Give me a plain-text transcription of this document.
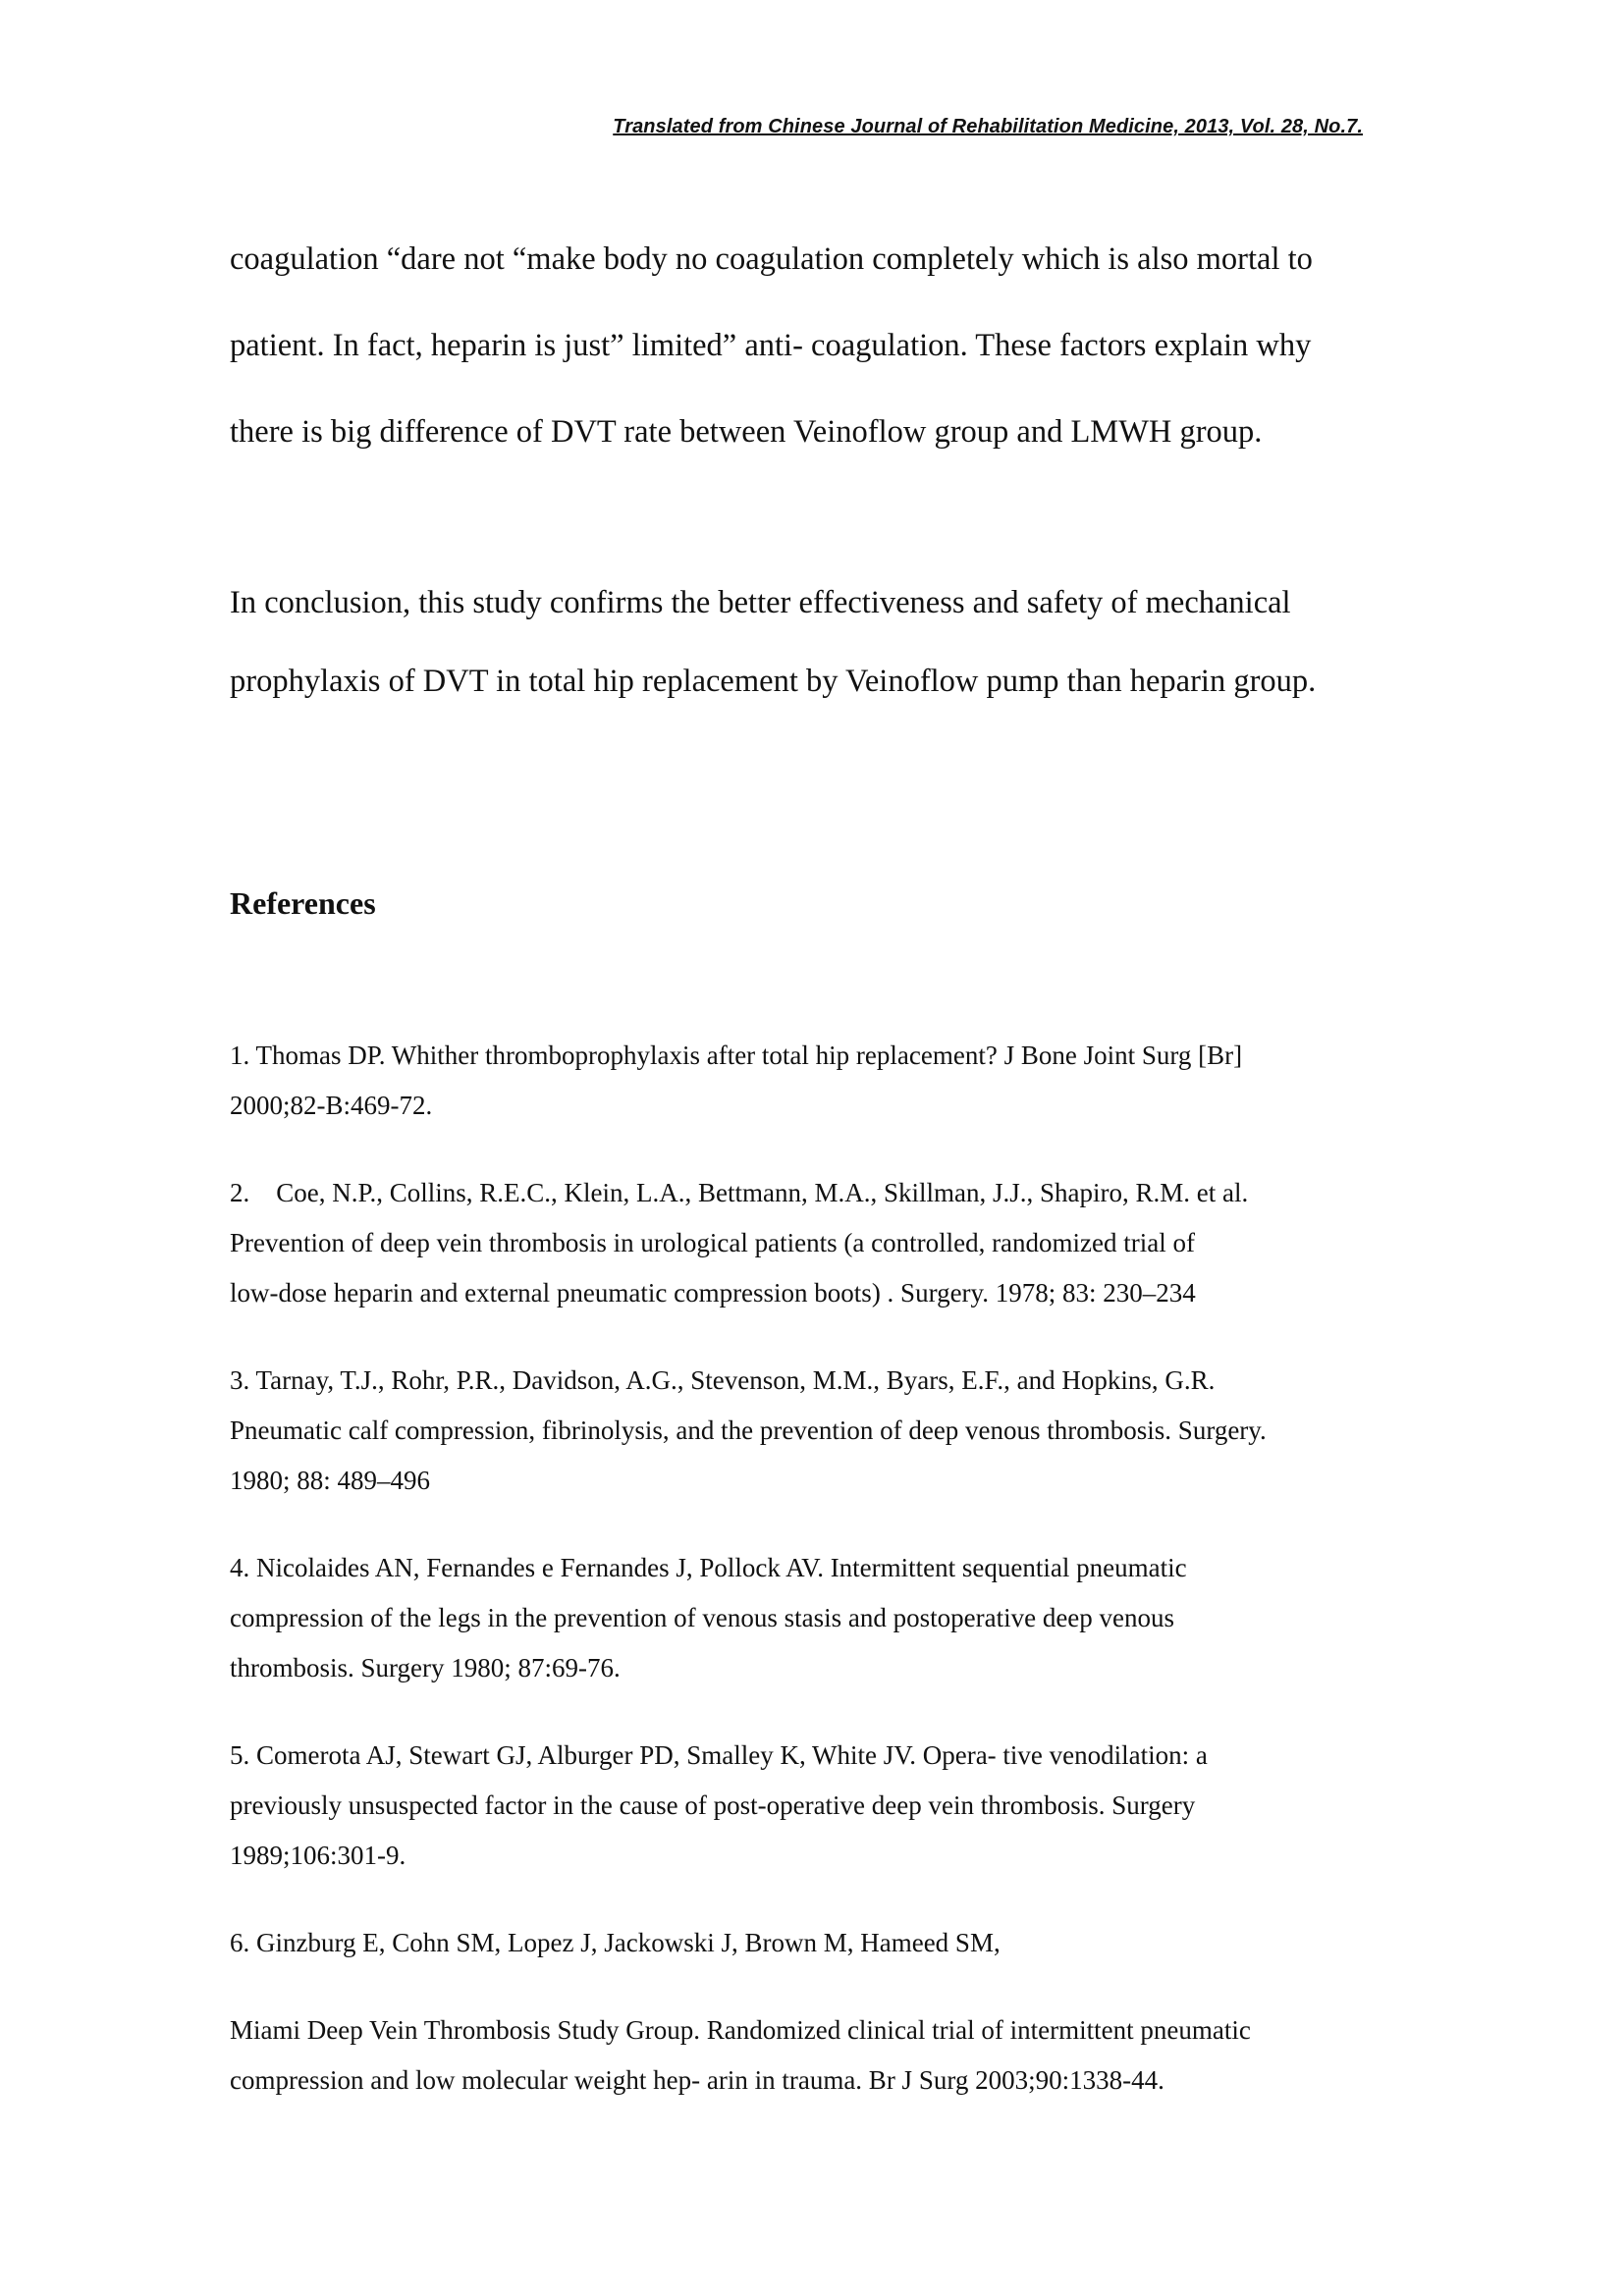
Translated from Chinese Journal of Rehabilitation Medicine, 2013, Vol. 28, No.7.

coagulation “dare not “make body no coagulation completely which is also mortal to
patient. In fact, heparin is just” limited” anti- coagulation. These factors explain why
there is big difference of DVT rate between Veinoflow group and LMWH group.

In conclusion, this study confirms the better effectiveness and safety of mechanical
prophylaxis of DVT in total hip replacement by Veinoflow pump than heparin group.

References
1. Thomas DP. Whither thromboprophylaxis after total hip replacement? J Bone Joint Surg [Br]
2000;82-B:469-72.
2.    Coe, N.P., Collins, R.E.C., Klein, L.A., Bettmann, M.A., Skillman, J.J., Shapiro, R.M. et al.
Prevention of deep vein thrombosis in urological patients (a controlled, randomized trial of
low-dose heparin and external pneumatic compression boots) . Surgery. 1978; 83: 230–234
3. Tarnay, T.J., Rohr, P.R., Davidson, A.G., Stevenson, M.M., Byars, E.F., and Hopkins, G.R.
Pneumatic calf compression, fibrinolysis, and the prevention of deep venous thrombosis. Surgery.
1980; 88: 489–496
4. Nicolaides AN, Fernandes e Fernandes J, Pollock AV. Intermittent sequential pneumatic
compression of the legs in the prevention of venous stasis and postoperative deep venous
thrombosis. Surgery 1980; 87:69-76.
5. Comerota AJ, Stewart GJ, Alburger PD, Smalley K, White JV. Opera- tive venodilation: a
previously unsuspected factor in the cause of post-operative deep vein thrombosis. Surgery
1989;106:301-9.
6. Ginzburg E, Cohn SM, Lopez J, Jackowski J, Brown M, Hameed SM,
Miami Deep Vein Thrombosis Study Group. Randomized clinical trial of intermittent pneumatic
compression and low molecular weight hep- arin in trauma. Br J Surg 2003;90:1338-44.
